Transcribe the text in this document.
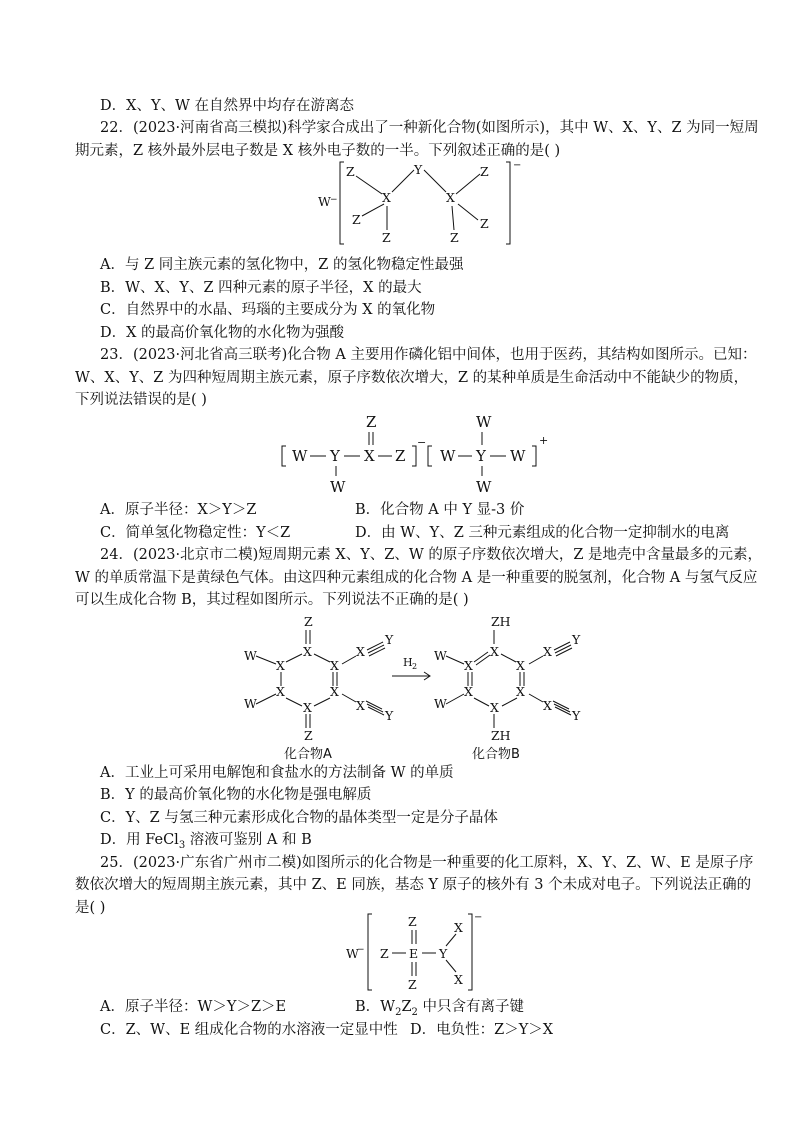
D．X、Y、W 在自然界中均存在游离态
22．(2023·河南省高三模拟)科学家合成出了一种新化合物(如图所示)，其中 W、X、Y、Z 为同一短周
期元素，Z 核外最外层电子数是 X 核外电子数的一半。下列叙述正确的是( )
W −
−
Z
X
Y
X
Z
Z
Z	Z
Z
A．与 Z 同主族元素的氢化物中，Z 的氢化物稳定性最强
B．W、X、Y、Z 四种元素的原子半径，X 的最大
C．自然界中的水晶、玛瑙的主要成分为 X 的氧化物
D．X 的最高价氧化物的水化物为强酸
23．(2023·河北省高三联考)化合物 A 主要用作磷化铝中间体，也用于医药，其结构如图所示。已知：
W、X、Y、Z 为四种短周期主族元素，原子序数依次增大，Z 的某种单质是生命活动中不能缺少的物质，
下列说法错误的是( )
W Y
W
X
Z
Z
−
W Y
W
W
W
+
A．原子半径：X＞Y＞Z	B．化合物 A 中 Y 显-3 价
C．简单氢化物稳定性：Y＜Z	D．由 W、Y、Z 三种元素组成的化合物一定抑制水的电离
24．(2023·北京市二模)短周期元素 X、Y、Z、W 的原子序数依次增大，Z 是地壳中含量最多的元素，
W 的单质常温下是黄绿色气体。由这四种元素组成的化合物 A 是一种重要的脱氢剂，化合物 A 与氢气反应
可以生成化合物 B，其过程如图所示。下列说法不正确的是( )
Z
X
X	X
X	X
X
Z
W
W
X
Y
X
Y
化合物A
H 2
ZH
X
X	X
X	X
X
ZH
W
W
X
Y
X
Y
化合物B
A．工业上可采用电解饱和食盐水的方法制备 W 的单质
B．Y 的最高价氧化物的水化物是强电解质
C．Y、Z 与氢三种元素形成化合物的晶体类型一定是分子晶体
D．用 FeCl$_3$ 溶液可鉴别 A 和 B
25．(2023·广东省广州市二模)如图所示的化合物是一种重要的化工原料，X、Y、Z、W、E 是原子序
数依次增大的短周期主族元素，其中 Z、E 同族，基态 Y 原子的核外有 3 个未成对电子。下列说法正确的
是( )
W
−
−
Z E
Z
Z
Y
X
X
A．原子半径：W＞Y＞Z＞E	B．$W_2Z_2$ 中只含有离子键
C．Z、W、E 组成化合物的水溶液一定显中性 D．电负性：Z＞Y＞X
